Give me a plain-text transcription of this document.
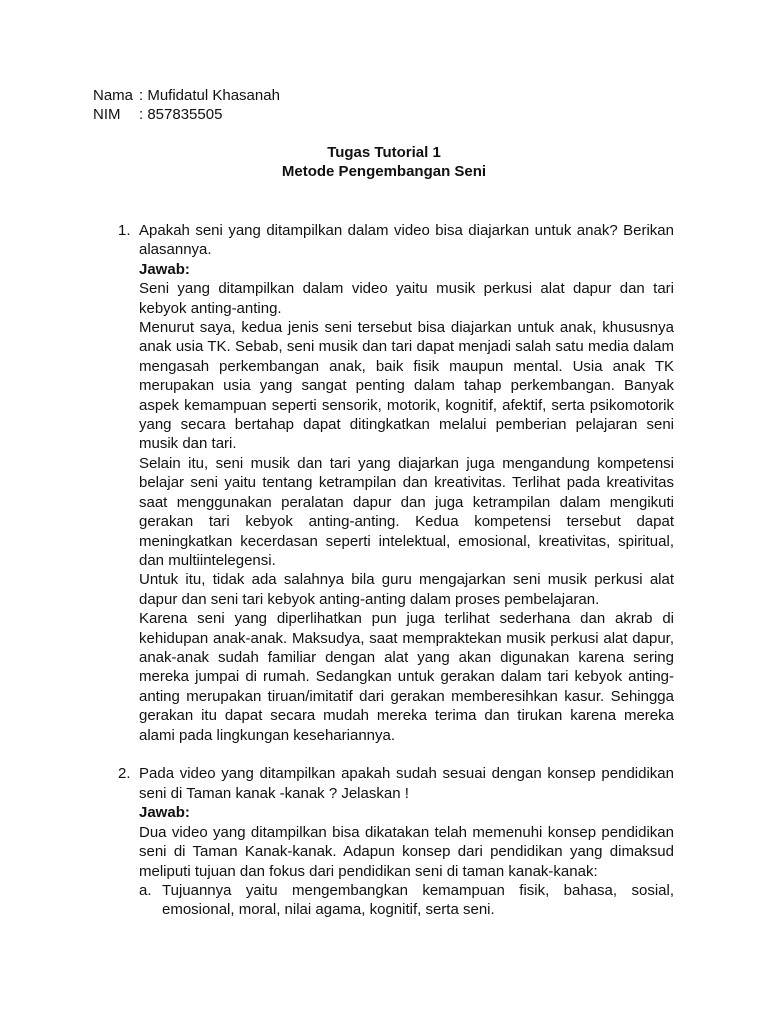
Nama : Mufidatul Khasanah
NIM	: 857835505
Tugas Tutorial 1
Metode Pengembangan Seni
1. Apakah seni yang ditampilkan dalam video bisa diajarkan untuk anak? Berikan alasannya.

Jawab:

Seni yang ditampilkan dalam video yaitu musik perkusi alat dapur dan tari kebyok anting-anting.

Menurut saya, kedua jenis seni tersebut bisa diajarkan untuk anak, khususnya anak usia TK. Sebab, seni musik dan tari dapat menjadi salah satu media dalam mengasah perkembangan anak, baik fisik maupun mental. Usia anak TK merupakan usia yang sangat penting dalam tahap perkembangan. Banyak aspek kemampuan seperti sensorik, motorik, kognitif, afektif, serta psikomotorik yang secara bertahap dapat ditingkatkan melalui pemberian pelajaran seni musik dan tari.

Selain itu, seni musik dan tari yang diajarkan juga mengandung kompetensi belajar seni yaitu tentang ketrampilan dan kreativitas. Terlihat pada kreativitas saat menggunakan peralatan dapur dan juga ketrampilan dalam mengikuti gerakan tari kebyok anting-anting. Kedua kompetensi tersebut dapat meningkatkan kecerdasan seperti intelektual, emosional, kreativitas, spiritual, dan multiintelegensi.

Untuk itu, tidak ada salahnya bila guru mengajarkan seni musik perkusi alat dapur dan seni tari kebyok anting-anting dalam proses pembelajaran.

Karena seni yang diperlihatkan pun juga terlihat sederhana dan akrab di kehidupan anak-anak. Maksudya, saat mempraktekan musik perkusi alat dapur, anak-anak sudah familiar dengan alat yang akan digunakan karena sering mereka jumpai di rumah. Sedangkan untuk gerakan dalam tari kebyok anting-anting merupakan tiruan/imitatif dari gerakan memberesihkan kasur. Sehingga gerakan itu dapat secara mudah mereka terima dan tirukan karena mereka alami pada lingkungan kesehariannya.

2. Pada video yang ditampilkan apakah sudah sesuai dengan konsep pendidikan seni di Taman kanak -kanak ? Jelaskan !

Jawab:

Dua video yang ditampilkan bisa dikatakan telah memenuhi konsep pendidikan seni di Taman Kanak-kanak. Adapun konsep dari pendidikan yang dimaksud meliputi tujuan dan fokus dari pendidikan seni di taman kanak-kanak:

a. Tujuannya yaitu mengembangkan kemampuan fisik, bahasa, sosial, emosional, moral, nilai agama, kognitif, serta seni.
